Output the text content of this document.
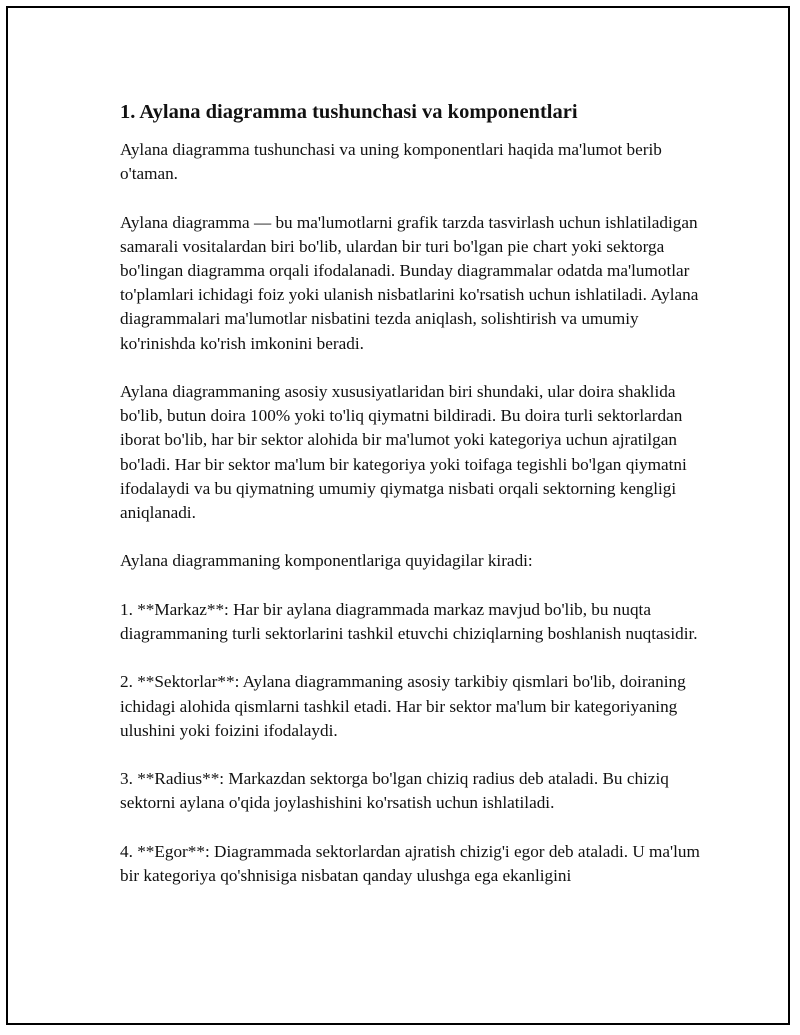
1. Aylana diagramma tushunchasi va komponentlari

Aylana diagramma tushunchasi va uning komponentlari haqida ma'lumot berib o'taman.

Aylana diagramma — bu ma'lumotlarni grafik tarzda tasvirlash uchun ishlatiladigan samarali vositalardan biri bo'lib, ulardan bir turi bo'lgan pie chart yoki sektorga bo'lingan diagramma orqali ifodalanadi. Bunday diagrammalar odatda ma'lumotlar to'plamlari ichidagi foiz yoki ulanish nisbatlarini ko'rsatish uchun ishlatiladi. Aylana diagrammalari ma'lumotlar nisbatini tezda aniqlash, solishtirish va umumiy ko'rinishda ko'rish imkonini beradi.

Aylana diagrammaning asosiy xususiyatlaridan biri shundaki, ular doira shaklida bo'lib, butun doira 100% yoki to'liq qiymatni bildiradi. Bu doira turli sektorlardan iborat bo'lib, har bir sektor alohida bir ma'lumot yoki kategoriya uchun ajratilgan bo'ladi. Har bir sektor ma'lum bir kategoriya yoki toifaga tegishli bo'lgan qiymatni ifodalaydi va bu qiymatning umumiy qiymatga nisbati orqali sektorning kengligi aniqlanadi.

Aylana diagrammaning komponentlariga quyidagilar kiradi:

1. **Markaz**: Har bir aylana diagrammada markaz mavjud bo'lib, bu nuqta diagrammaning turli sektorlarini tashkil etuvchi chiziqlarning boshlanish nuqtasidir.

2. **Sektorlar**: Aylana diagrammaning asosiy tarkibiy qismlari bo'lib, doiraning ichidagi alohida qismlarni tashkil etadi. Har bir sektor ma'lum bir kategoriyaning ulushini yoki foizini ifodalaydi.

3. **Radius**: Markazdan sektorga bo'lgan chiziq radius deb ataladi. Bu chiziq sektorni aylana o'qida joylashishini ko'rsatish uchun ishlatiladi.

4. **Egor**: Diagrammada sektorlardan ajratish chizig'i egor deb ataladi. U ma'lum bir kategoriya qo'shnisiga nisbatan qanday ulushga ega ekanligini
